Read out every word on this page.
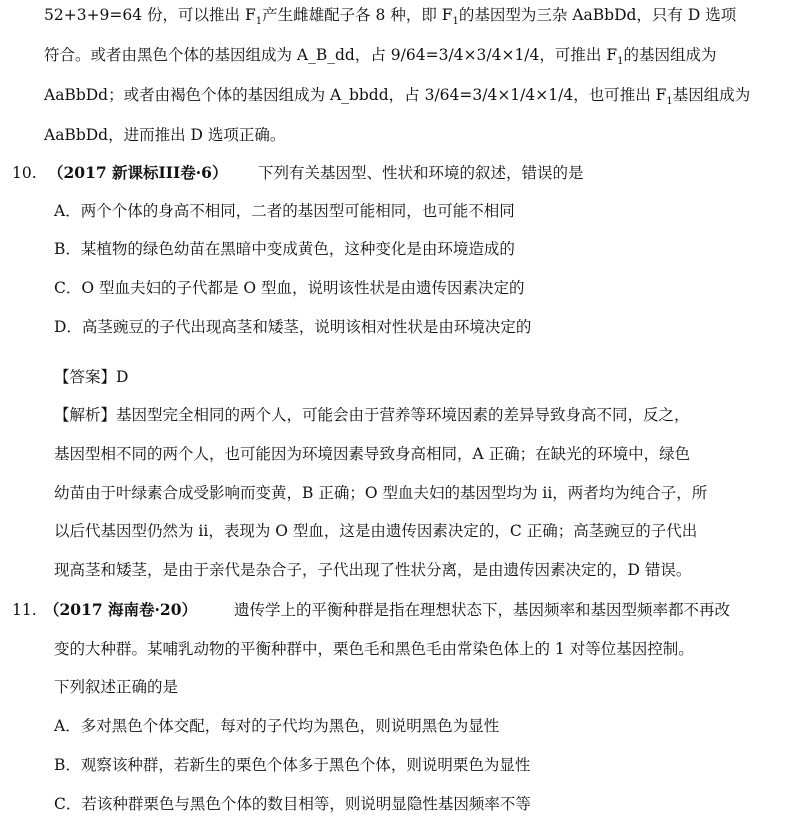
52+3+9=64 份，可以推出 $F_1$产生雌雄配子各 8 种，即 $F_1$的基因型为三杂 AaBbDd，只有 D 选项
符合。或者由黑色个体的基因组成为 A_B_dd，占 9/64=3/4×3/4×1/4，可推出 $F_1$的基因组成为
AaBbDd；或者由褐色个体的基因组成为 A_bbdd，占 3/64=3/4×1/4×1/4，也可推出 $F_1$基因组成为
AaBbDd，进而推出 D 选项正确。
10. （2017 新课标III卷·6） 下列有关基因型、性状和环境的叙述，错误的是
A．两个个体的身高不相同，二者的基因型可能相同，也可能不相同
B．某植物的绿色幼苗在黑暗中变成黄色，这种变化是由环境造成的
C．O 型血夫妇的子代都是 O 型血，说明该性状是由遗传因素决定的
D．高茎豌豆的子代出现高茎和矮茎，说明该相对性状是由环境决定的
【答案】D
【解析】基因型完全相同的两个人，可能会由于营养等环境因素的差异导致身高不同，反之，
基因型相不同的两个人，也可能因为环境因素导致身高相同，A 正确；在缺光的环境中，绿色
幼苗由于叶绿素合成受影响而变黄，B 正确；O 型血夫妇的基因型均为 ii，两者均为纯合子，所
以后代基因型仍然为 ii，表现为 O 型血，这是由遗传因素决定的，C 正确；高茎豌豆的子代出
现高茎和矮茎，是由于亲代是杂合子，子代出现了性状分离，是由遗传因素决定的，D 错误。
11. （2017 海南卷·20） 遗传学上的平衡种群是指在理想状态下，基因频率和基因型频率都不再改
变的大种群。某哺乳动物的平衡种群中，栗色毛和黑色毛由常染色体上的 1 对等位基因控制。
下列叙述正确的是
A．多对黑色个体交配，每对的子代均为黑色，则说明黑色为显性
B．观察该种群，若新生的栗色个体多于黑色个体，则说明栗色为显性
C．若该种群栗色与黑色个体的数目相等，则说明显隐性基因频率不等
